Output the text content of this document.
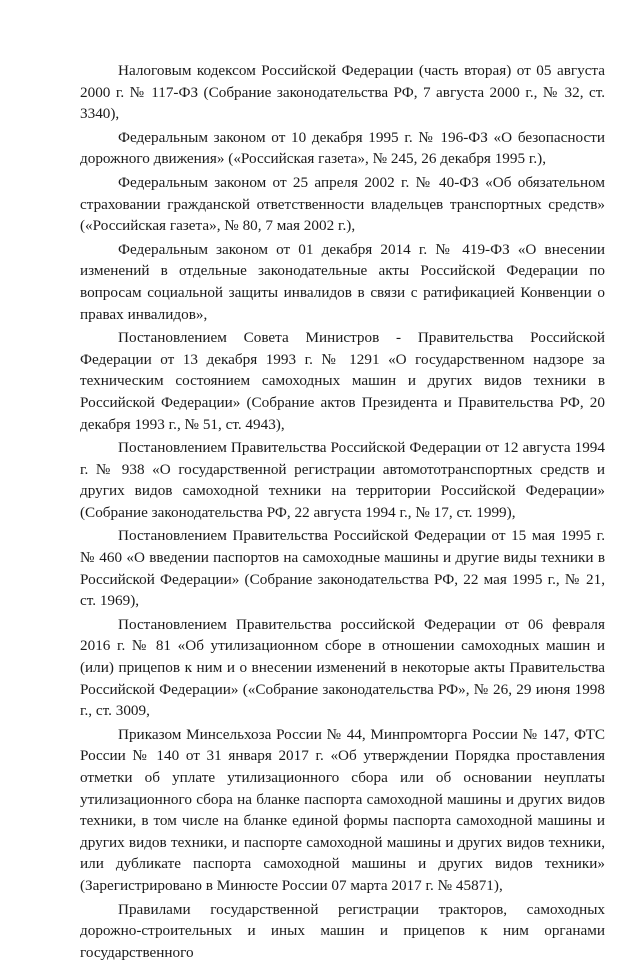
Налоговым кодексом Российской Федерации (часть вторая) от 05 августа 2000 г. № 117-ФЗ (Собрание законодательства РФ, 7 августа 2000 г., № 32, ст. 3340),

Федеральным законом от 10 декабря 1995 г. № 196-ФЗ «О безопасности дорожного движения» («Российская газета», № 245, 26 декабря 1995 г.),

Федеральным законом от 25 апреля 2002 г. № 40-ФЗ «Об обязательном страховании гражданской ответственности владельцев транспортных средств» («Российская газета», № 80, 7 мая 2002 г.),

Федеральным законом от 01 декабря 2014 г. № 419-ФЗ «О внесении изменений в отдельные законодательные акты Российской Федерации по вопросам социальной защиты инвалидов в связи с ратификацией Конвенции о правах инвалидов»,

Постановлением Совета Министров - Правительства Российской Федерации от 13 декабря 1993 г. № 1291 «О государственном надзоре за техническим состоянием самоходных машин и других видов техники в Российской Федерации» (Собрание актов Президента и Правительства РФ, 20 декабря 1993 г., № 51, ст. 4943),

Постановлением Правительства Российской Федерации от 12 августа 1994 г. № 938 «О государственной регистрации автомототранспортных средств и других видов самоходной техники на территории Российской Федерации» (Собрание законодательства РФ, 22 августа 1994 г., № 17, ст. 1999),

Постановлением Правительства Российской Федерации от 15 мая 1995 г. № 460 «О введении паспортов на самоходные машины и другие виды техники в Российской Федерации» (Собрание законодательства РФ, 22 мая 1995 г., № 21, ст. 1969),

Постановлением Правительства российской Федерации от 06 февраля 2016 г. № 81 «Об утилизационном сборе в отношении самоходных машин и (или) прицепов к ним и о внесении изменений в некоторые акты Правительства Российской Федерации» («Собрание законодательства РФ», № 26, 29 июня 1998 г., ст. 3009,

Приказом Минсельхоза России № 44, Минпромторга России № 147, ФТС России № 140 от 31 января 2017 г. «Об утверждении Порядка проставления отметки об уплате утилизационного сбора или об основании неуплаты утилизационного сбора на бланке паспорта самоходной машины и других видов техники, в том числе на бланке единой формы паспорта самоходной машины и других видов техники, и паспорте самоходной машины и других видов техники, или дубликате паспорта самоходной машины и других видов техники» (Зарегистрировано в Минюсте России 07 марта 2017 г. № 45871),

Правилами государственной регистрации тракторов, самоходных дорожно-строительных и иных машин и прицепов к ним органами государственного
